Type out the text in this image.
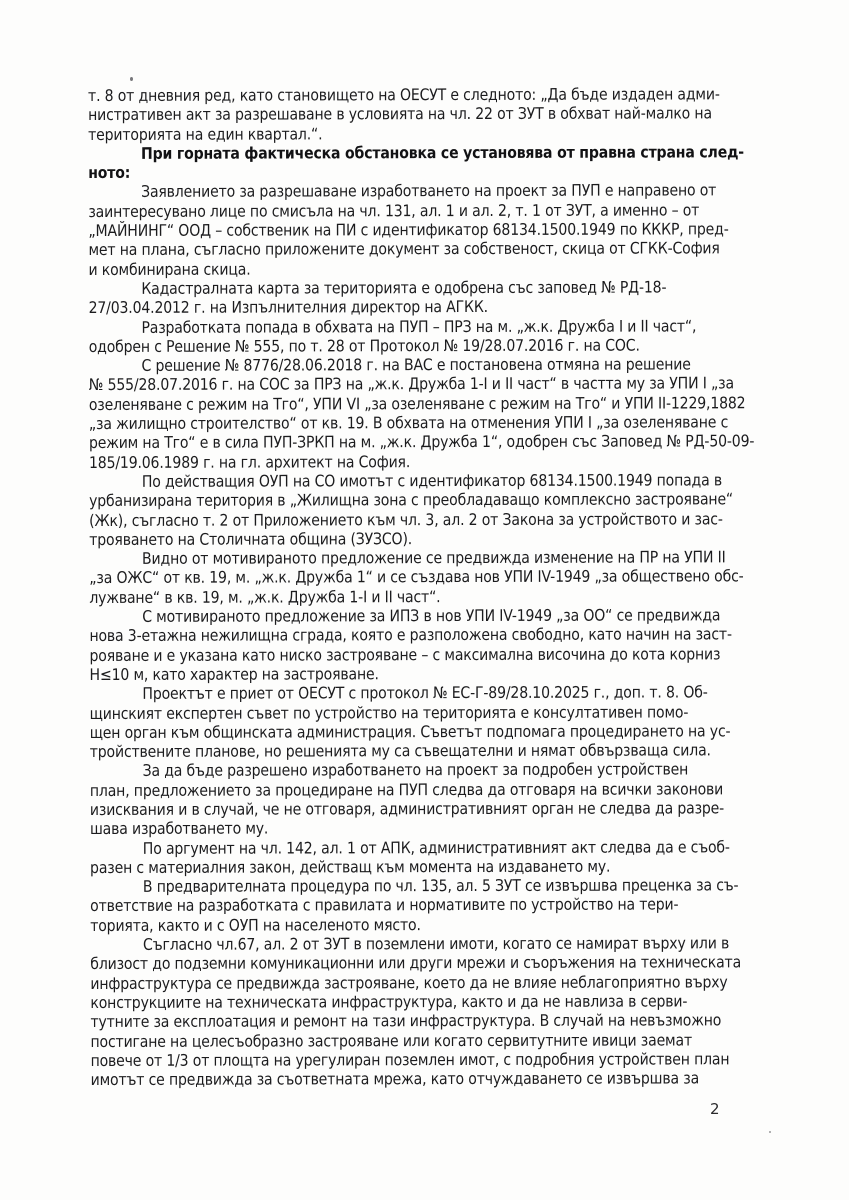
т. 8 от дневния ред, като становището на ОЕСУТ е следното: „Да бъде издаден адми-
нистративен акт за разрешаване в условията на чл. 22 от ЗУТ в обхват най-малко на
територията на един квартал.“.
При горната фактическа обстановка се установява от правна страна след-
ното:
Заявлението за разрешаване изработването на проект за ПУП е направено от
заинтересувано лице по смисъла на чл. 131, ал. 1 и ал. 2, т. 1 от ЗУТ, а именно – от
„МАЙНИНГ“ ООД – собственик на ПИ с идентификатор 68134.1500.1949 по КККР, пред-
мет на плана, съгласно приложените документ за собственост, скица от СГКК-София
и комбинирана скица.
Кадастралната карта за територията е одобрена със заповед № РД-18-
27/03.04.2012 г. на Изпълнителния директор на АГКК.
Разработката попада в обхвата на ПУП – ПРЗ на м. „ж.к. Дружба I и II част“,
одобрен с Решение № 555, по т. 28 от Протокол № 19/28.07.2016 г. на СОС.
С решение № 8776/28.06.2018 г. на ВАС е постановена отмяна на решение
№ 555/28.07.2016 г. на СОС за ПРЗ на „ж.к. Дружба 1-I и II част“ в частта му за УПИ I „за
озеленяване с режим на Тго“, УПИ VI „за озеленяване с режим на Тго“ и УПИ II-1229,1882
„за жилищно строителство“ от кв. 19. В обхвата на отменения УПИ I „за озеленяване с
режим на Тго“ е в сила ПУП-ЗРКП на м. „ж.к. Дружба 1“, одобрен със Заповед № РД-50-09-
185/19.06.1989 г. на гл. архитект на София.
По действащия ОУП на СО имотът с идентификатор 68134.1500.1949 попада в
урбанизирана територия в „Жилищна зона с преобладаващо комплексно застрояване“
(Жк), съгласно т. 2 от Приложението към чл. 3, ал. 2 от Закона за устройството и зас-
трояването на Столичната община (ЗУЗСО).
Видно от мотивираното предложение се предвижда изменение на ПР на УПИ II
„за ОЖС“ от кв. 19, м. „ж.к. Дружба 1“ и се създава нов УПИ IV-1949 „за обществено обс-
лужване“ в кв. 19, м. „ж.к. Дружба 1-I и II част“.
С мотивираното предложение за ИПЗ в нов УПИ IV-1949 „за ОО“ се предвижда
нова 3-етажна нежилищна сграда, която е разположена свободно, като начин на заст-
рояване и е указана като ниско застрояване – с максимална височина до кота корниз
Н≤10 м, като характер на застрояване.
Проектът е приет от ОЕСУТ с протокол № ЕС-Г-89/28.10.2025 г., доп. т. 8. Об-
щинският експертен съвет по устройство на територията е консултативен помо-
щен орган към общинската администрация. Съветът подпомага процедирането на ус-
тройствените планове, но решенията му са съвещателни и нямат обвързваща сила.
За да бъде разрешено изработването на проект за подробен устройствен
план, предложението за процедиране на ПУП следва да отговаря на всички законови
изисквания и в случай, че не отговаря, административният орган не следва да разре-
шава изработването му.
По аргумент на чл. 142, ал. 1 от АПК, административният акт следва да е съоб-
разен с материалния закон, действащ към момента на издаването му.
В предварителната процедура по чл. 135, ал. 5 ЗУТ се извършва преценка за съ-
ответствие на разработката с правилата и нормативите по устройство на тери-
торията, както и с ОУП на населеното място.
Съгласно чл.67, ал. 2 от ЗУТ в поземлени имоти, когато се намират върху или в
близост до подземни комуникационни или други мрежи и съоръжения на техническата
инфраструктура се предвижда застрояване, което да не влияе неблагоприятно върху
конструкциите на техническата инфраструктура, както и да не навлиза в серви-
тутните за експлоатация и ремонт на тази инфраструктура. В случай на невъзможно
постигане на целесъобразно застрояване или когато сервитутните ивици заемат
повече от 1/3 от площта на урегулиран поземлен имот, с подробния устройствен план
имотът се предвижда за съответната мрежа, като отчуждаването се извършва за
2
